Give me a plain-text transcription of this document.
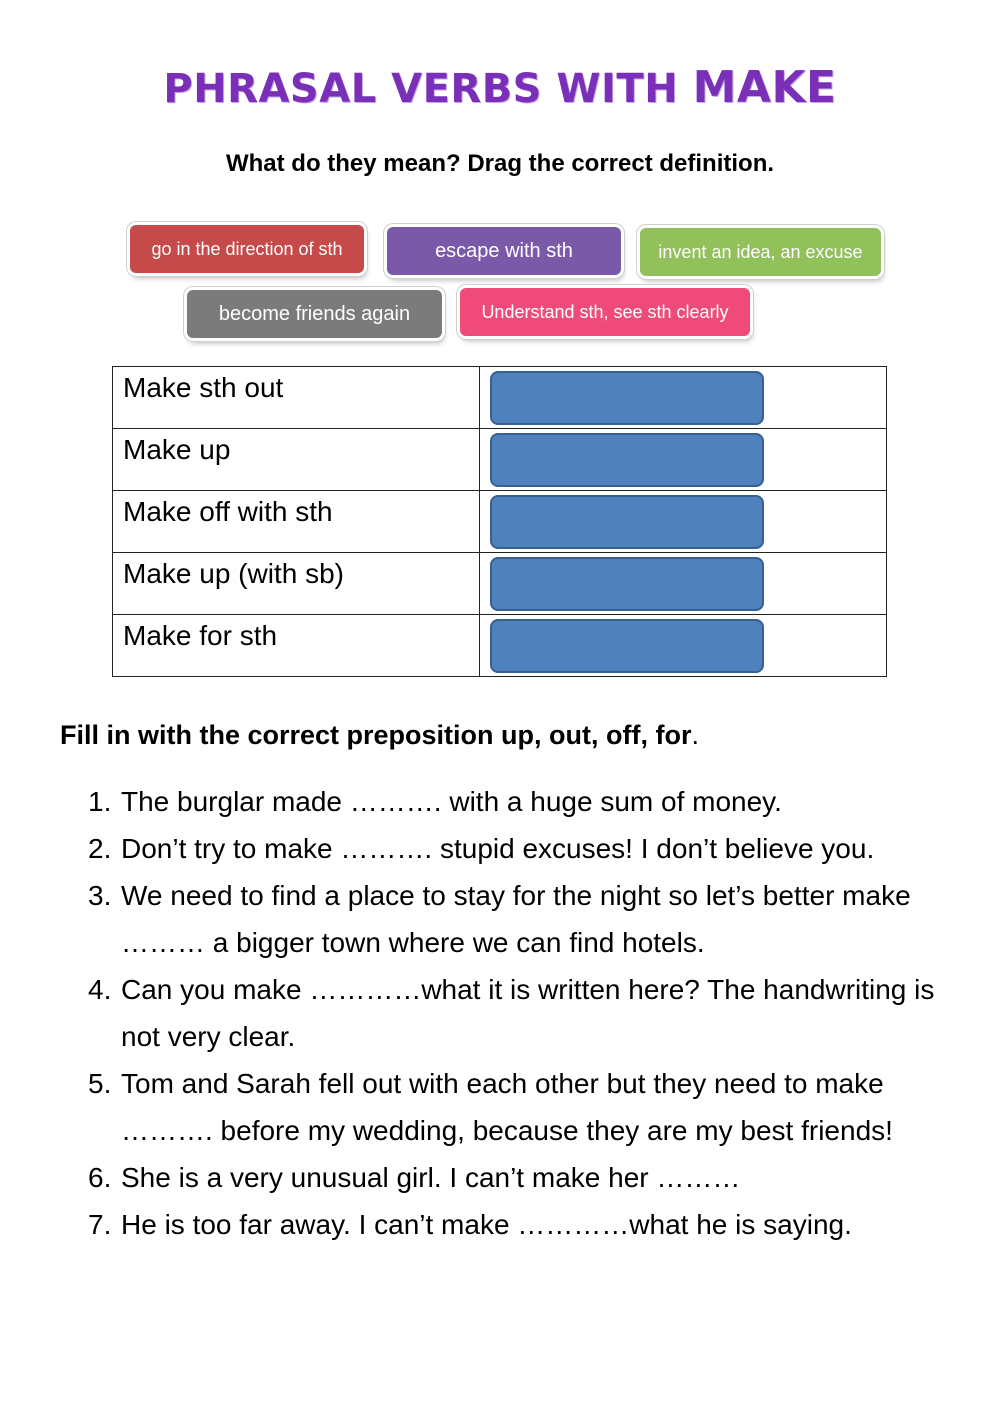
PHRASAL VERBS WITH MAKE
What do they mean? Drag the correct definition.
go in the direction of sth	escape with sth	invent an idea, an excuse
become friends again	Understand sth, see sth clearly
Make sth out	

Make up	

Make off with sth	

Make up (with sb)	

Make for sth	
Fill in with the correct preposition up, out, off, for.
1. The burglar made ………. with a huge sum of money.
2. Don’t try to make ………. stupid excuses! I don’t believe you.
3. We need to find a place to stay for the night so let’s better make ……… a bigger town where we can find hotels.
4. Can you make …………what it is written here? The handwriting is not very clear.
5. Tom and Sarah fell out with each other but they need to make ………. before my wedding, because they are my best friends!
6. She is a very unusual girl. I can’t make her ………
7. He is too far away. I can’t make …………what he is saying.
